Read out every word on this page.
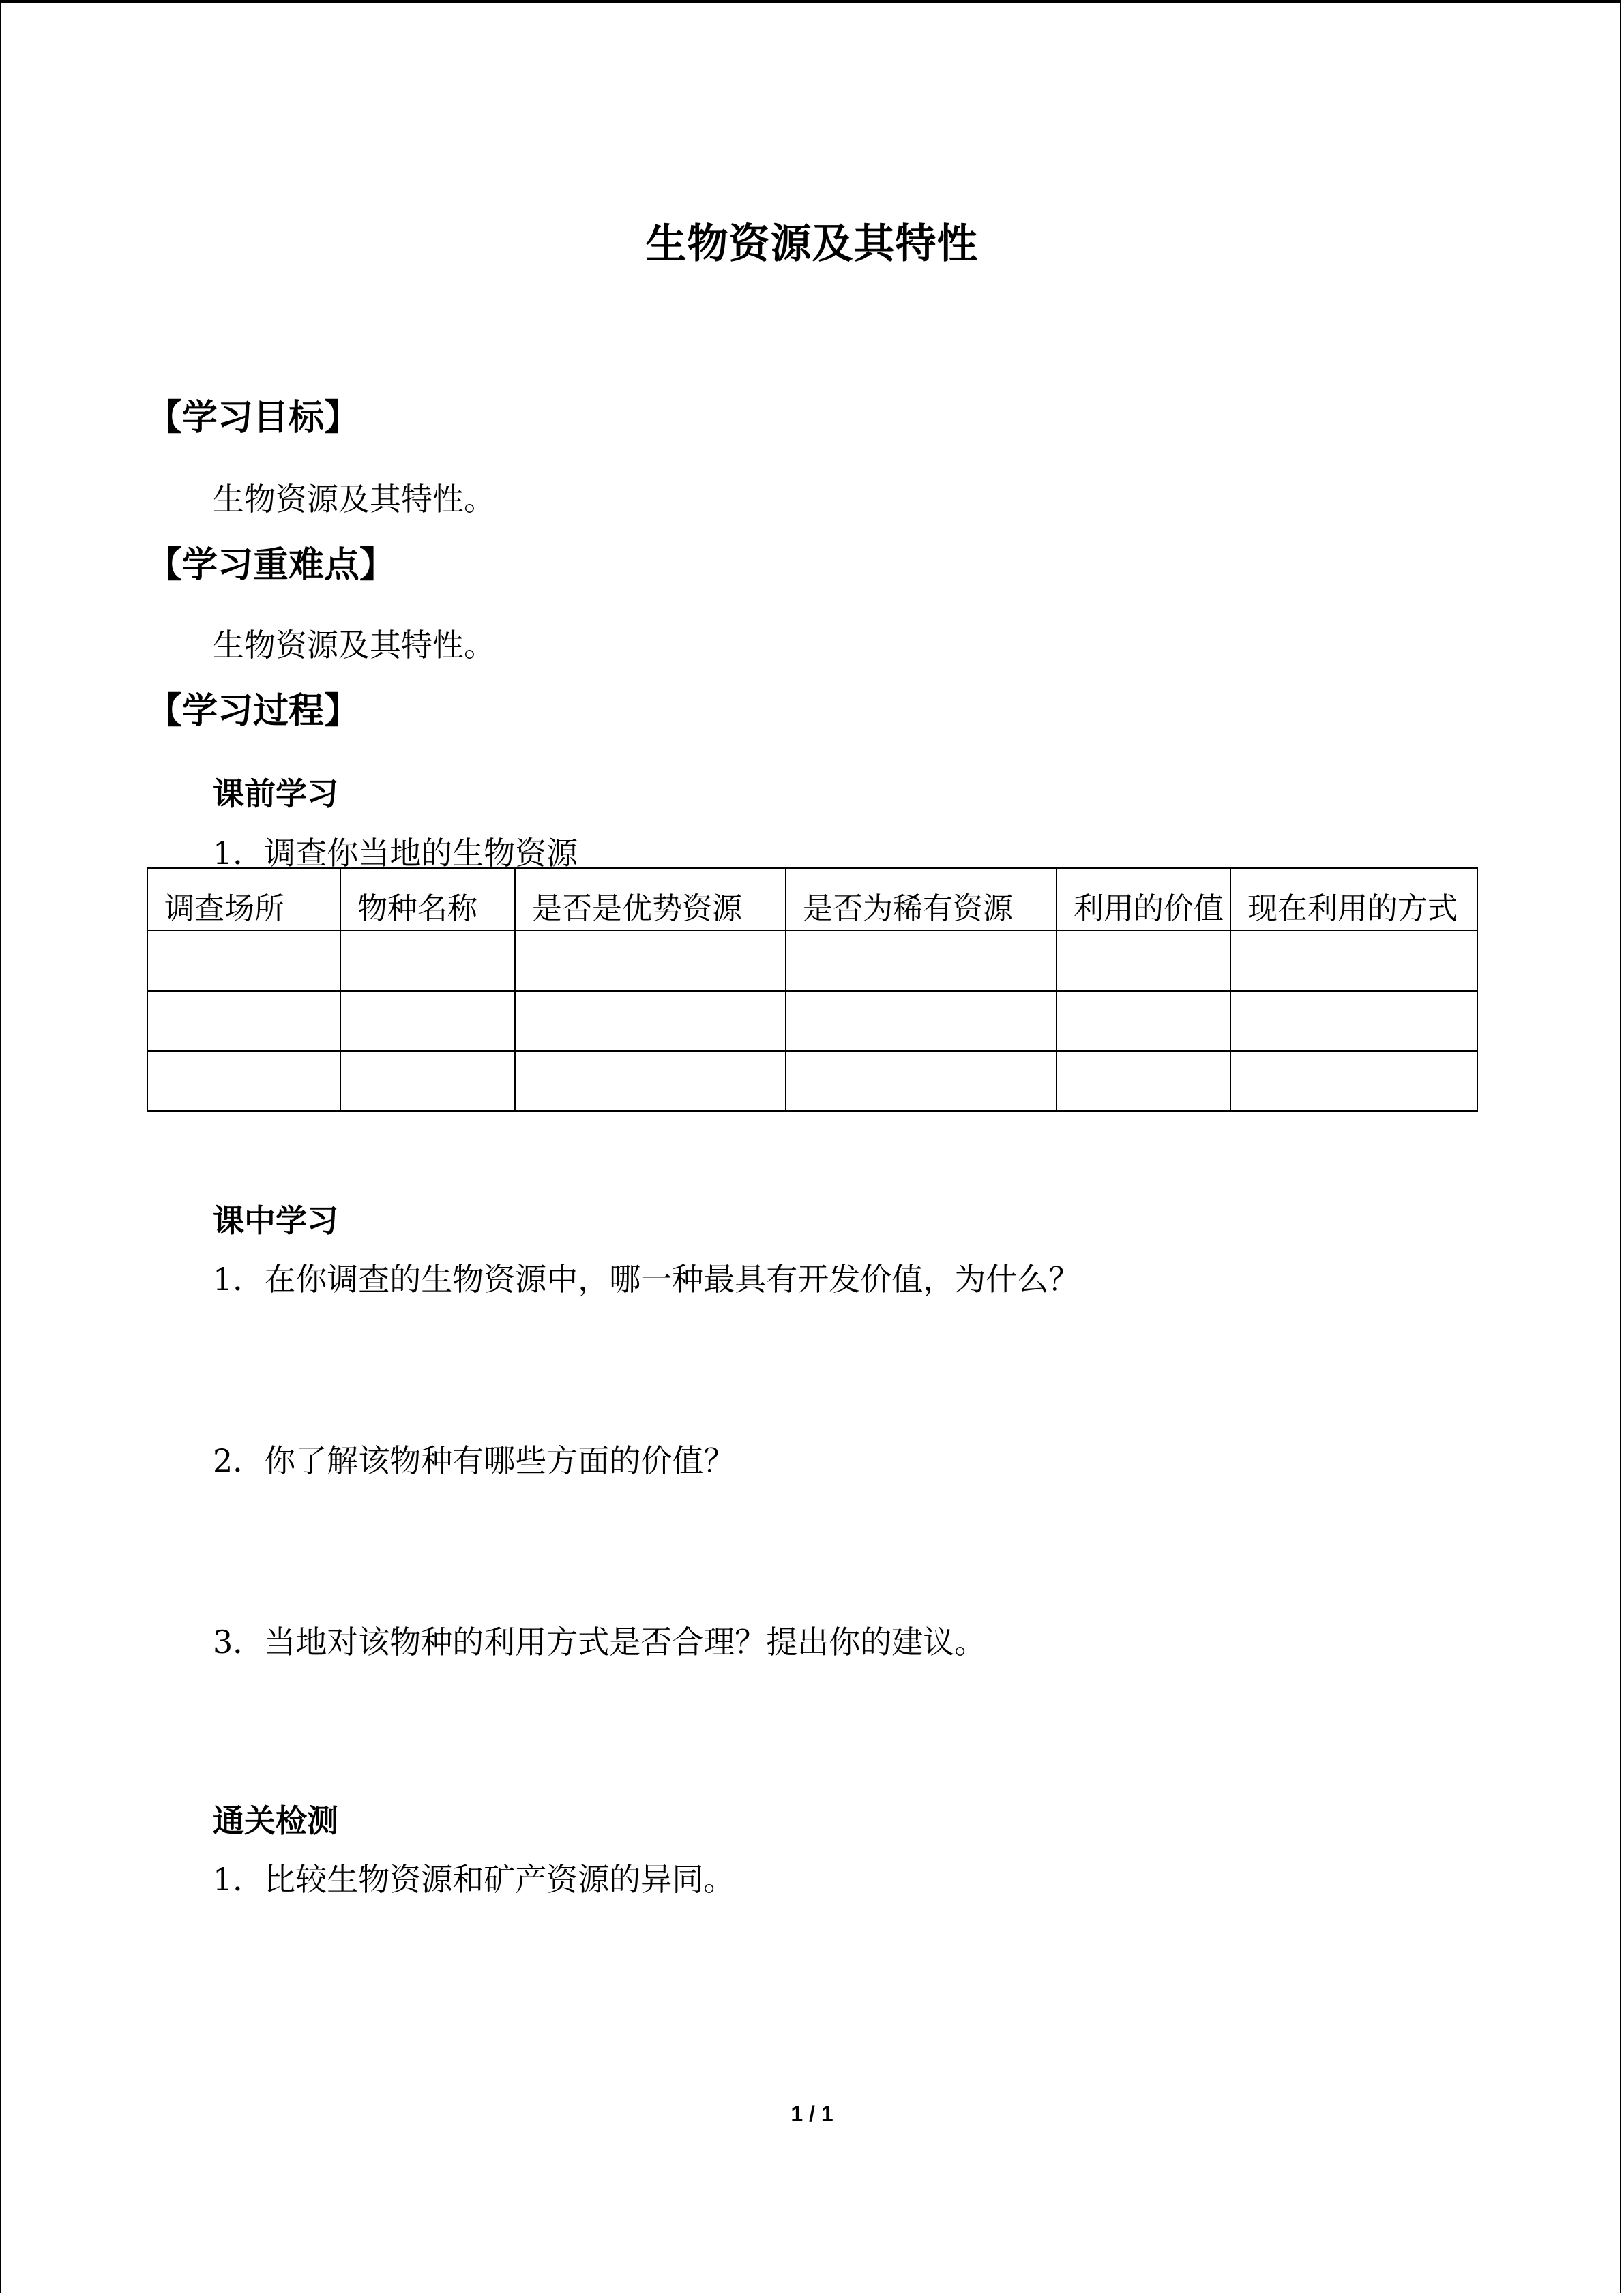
生物资源及其特性
【学习目标】
生物资源及其特性。
【学习重难点】
生物资源及其特性。
【学习过程】
课前学习
1．调查你当地的生物资源
调查场所	物种名称	是否是优势资源	是否为稀有资源	利用的价值	现在利用的方式

课中学习
1．在你调查的生物资源中，哪一种最具有开发价值，为什么？
2．你了解该物种有哪些方面的价值？
3．当地对该物种的利用方式是否合理？提出你的建议。
通关检测
1．比较生物资源和矿产资源的异同。
1 / 1
